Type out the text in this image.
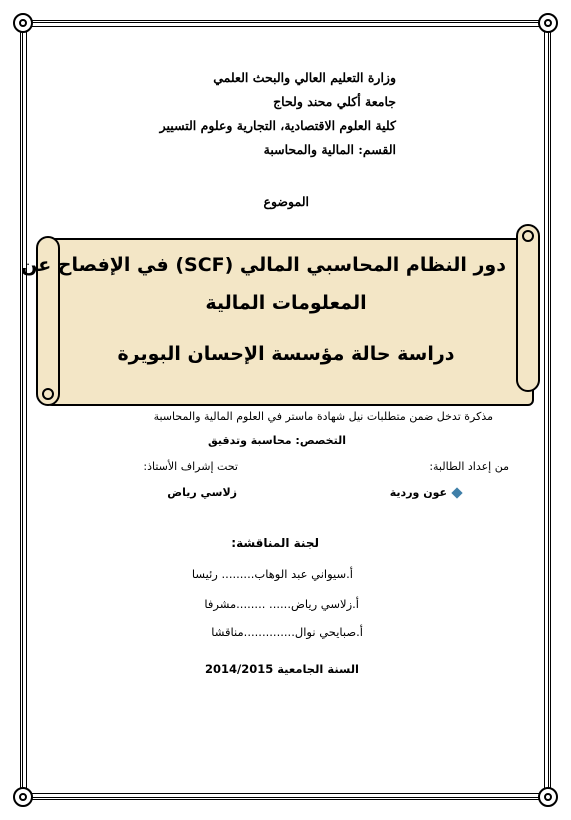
وزارة التعليم العالي والبحث العلمي
جامعة أكلي محند ولحاج
كلية العلوم الاقتصادية، التجارية وعلوم التسيير
القسم: المالية والمحاسبة
الموضوع
دور النظام المحاسبي المالي (SCF) في الإفصاح عن
المعلومات المالية
دراسة حالة مؤسسة الإحسان البويرة
مذكرة تدخل ضمن متطلبات نيل شهادة ماستر في العلوم المالية والمحاسبة
التخصص: محاسبة وتدقيق
من إعداد الطالبة:
تحت إشراف الأستاذ:
عون وردية
زلاسي رياض
لجنة المناقشة:
أ.سيواني عبد الوهاب......... رئيسا
أ.زلاسي رياض...... ........مشرفا
أ.صبايحي نوال..............مناقشا
السنة الجامعية 2014/2015
